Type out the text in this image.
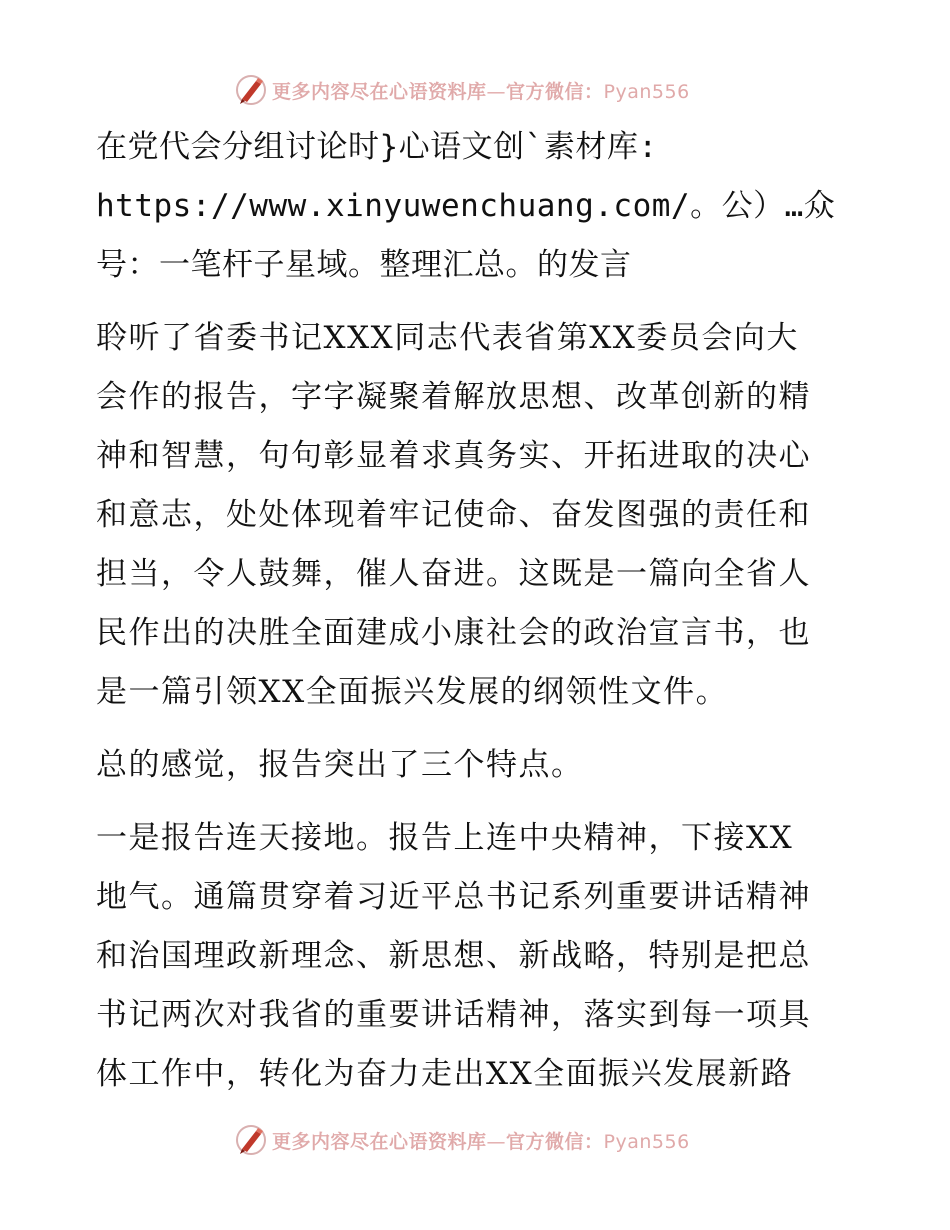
更多内容尽在心语资料库—官方微信：Pyan556

在党代会分组讨论时}心语文创`素材库:
https://www.xinyuwenchuang.com/。公）…众
号：一笔杆子星域。整理汇总。的发言

聆听了省委书记XXX同志代表省第XX委员会向大
会作的报告，字字凝聚着解放思想、改革创新的精
神和智慧，句句彰显着求真务实、开拓进取的决心
和意志，处处体现着牢记使命、奋发图强的责任和
担当，令人鼓舞，催人奋进。这既是一篇向全省人
民作出的决胜全面建成小康社会的政治宣言书，也
是一篇引领XX全面振兴发展的纲领性文件。

总的感觉，报告突出了三个特点。

一是报告连天接地。报告上连中央精神，下接XX
地气。通篇贯穿着习近平总书记系列重要讲话精神
和治国理政新理念、新思想、新战略，特别是把总
书记两次对我省的重要讲话精神，落实到每一项具
体工作中，转化为奋力走出XX全面振兴发展新路

更多内容尽在心语资料库—官方微信：Pyan556
